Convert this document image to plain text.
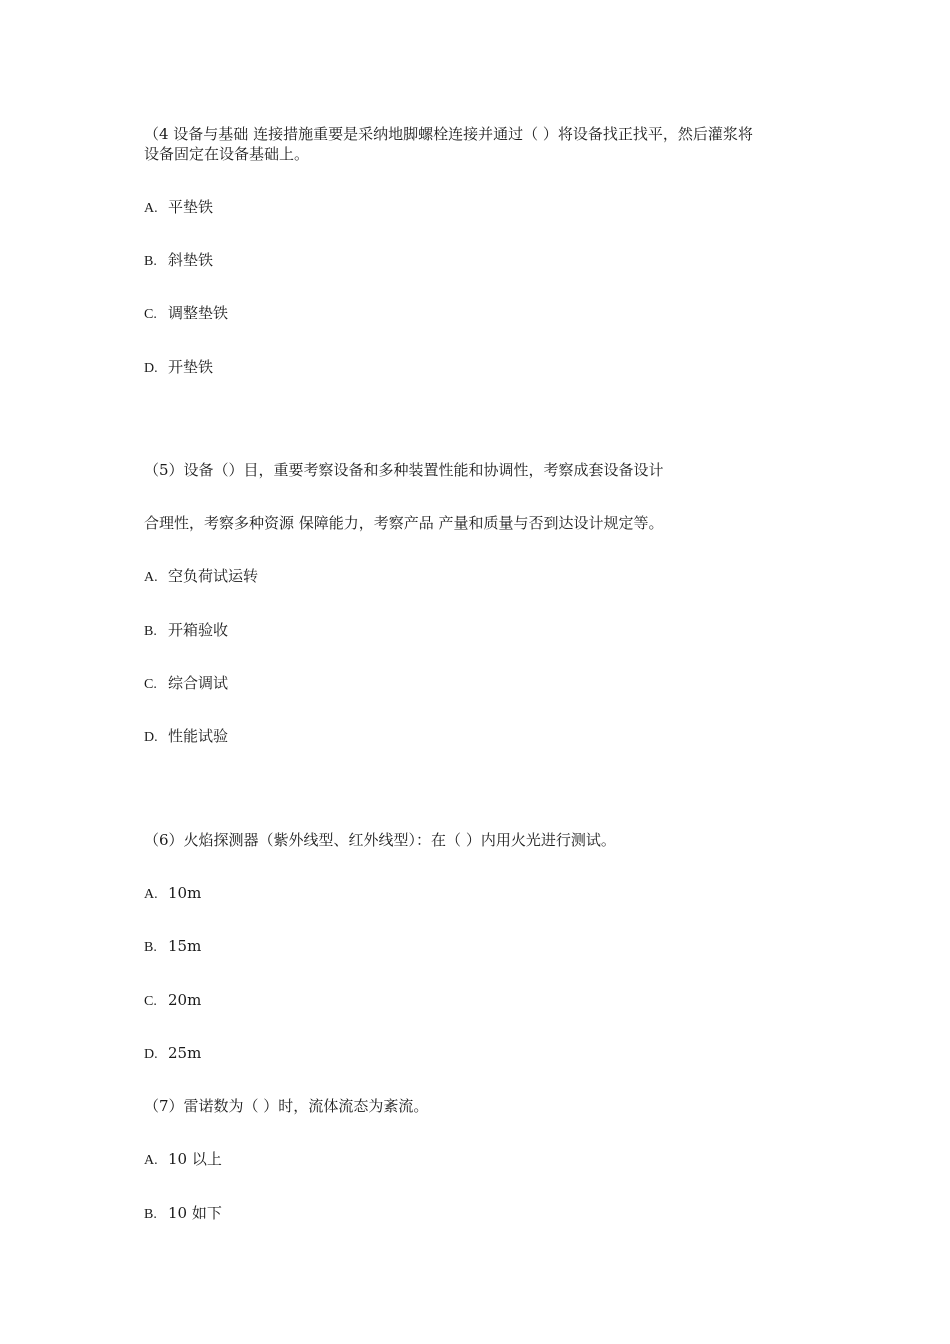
（4 设备与基础 连接措施重要是采纳地脚螺栓连接并通过（ ）将设备找正找平，然后灌浆将
设备固定在设备基础上。
A. 平垫铁
B. 斜垫铁
C. 调整垫铁
D. 开垫铁
（5）设备（）目，重要考察设备和多种装置性能和协调性，考察成套设备设计
合理性，考察多种资源 保障能力，考察产品 产量和质量与否到达设计规定等。
A. 空负荷试运转
B. 开箱验收
C. 综合调试
D. 性能试验
（6）火焰探测器（紫外线型、红外线型）：在（ ）内用火光进行测试。
A. 10m
B. 15m
C. 20m
D. 25m
（7）雷诺数为（ ）时，流体流态为紊流。
A. 10 以上
B. 10 如下
